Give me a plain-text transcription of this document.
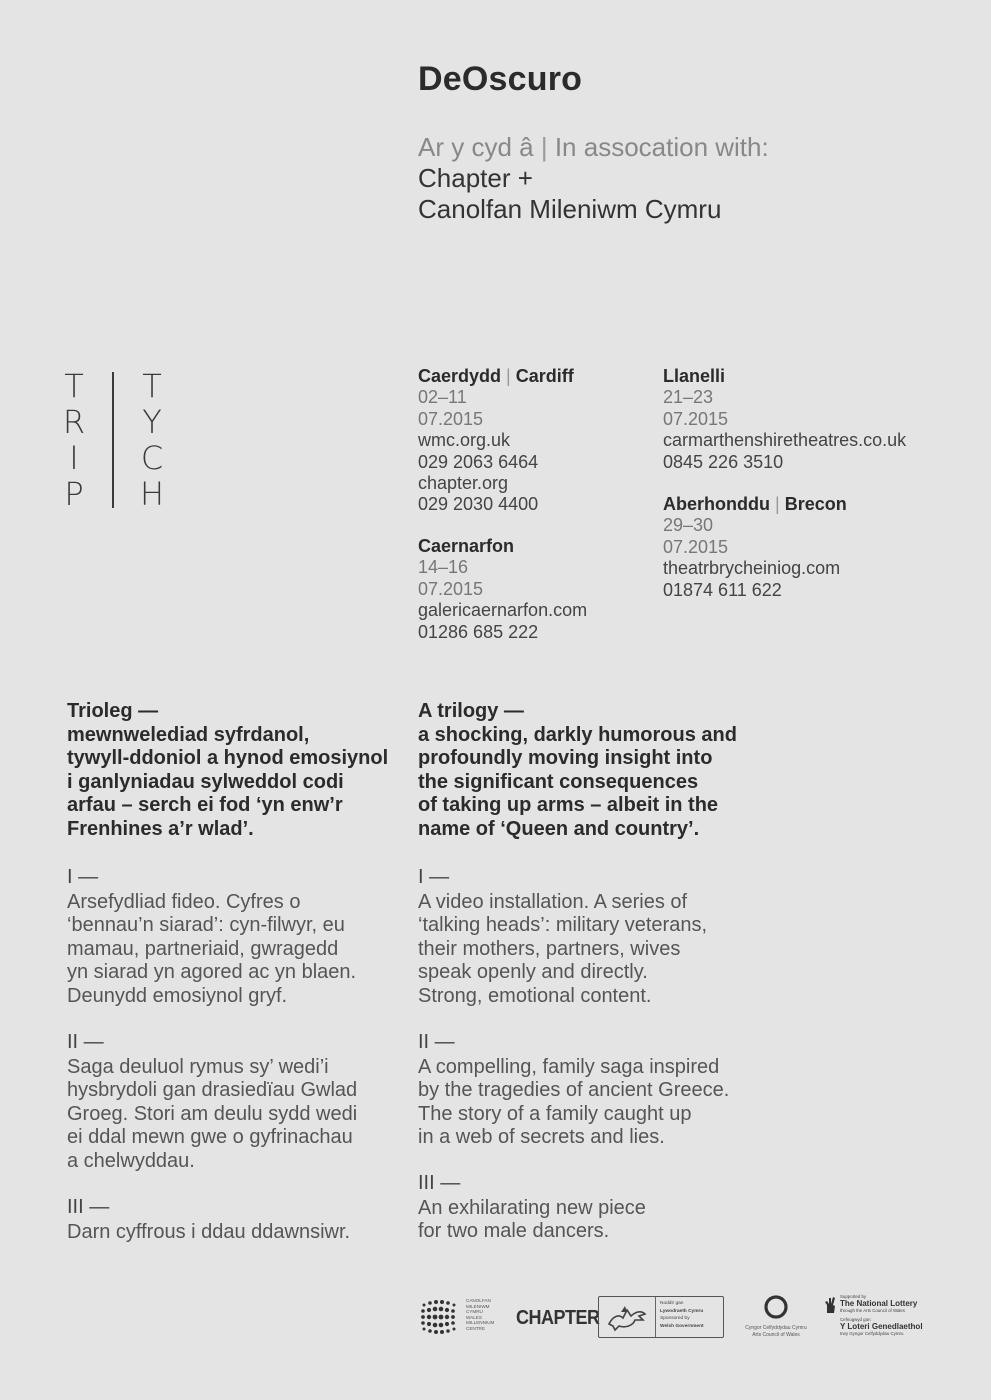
DeOscuro
Ar y cyd â | In assocation with:
Chapter +
Canolfan Mileniwm Cymru
T
R
I
P
T
Y
C
H
Caerdydd | Cardiff
02–11
07.2015
wmc.org.uk
029 2063 6464
chapter.org
029 2030 4400
Caernarfon
14–16
07.2015
galericaernarfon.com
01286 685 222
Llanelli
21–23
07.2015
carmarthenshiretheatres.co.uk
0845 226 3510
Aberhonddu | Brecon
29–30
07.2015
theatrbrycheiniog.com
01874 611 622
Trioleg —
mewnwelediad syfrdanol,
tywyll-ddoniol a hynod emosiynol
i ganlyniadau sylweddol codi
arfau – serch ei fod ‘yn enw’r
Frenhines a’r wlad’.
A trilogy —
a shocking, darkly humorous and
profoundly moving insight into
the significant consequences
of taking up arms – albeit in the
name of ‘Queen and country’.
I —
Arsefydliad fideo. Cyfres o
‘bennau’n siarad’: cyn-filwyr, eu
mamau, partneriaid, gwragedd
yn siarad yn agored ac yn blaen.
Deunydd emosiynol gryf.
II —
Saga deuluol rymus sy’ wedi’i
hysbrydoli gan drasiedïau Gwlad
Groeg. Stori am deulu sydd wedi
ei ddal mewn gwe o gyfrinachau
a chelwyddau.
III —
Darn cyffrous i ddau ddawnsiwr.
I —
A video installation. A series of
‘talking heads’: military veterans,
their mothers, partners, wives
speak openly and directly.
Strong, emotional content.
II —
A compelling, family saga inspired
by the tragedies of ancient Greece.
The story of a family caught up
in a web of secrets and lies.
III —
An exhilarating new piece
for two male dancers.
CANOLFAN
MILENIWM
CYMRU
WALES
MILLENNIUM
CENTRE
CHAPTER
Noddir gan
Lywodraeth Cymru
Sponsored by
Welsh Government	Cyngor Celfyddydau Cymru
Arts Council of Wales
Supported by
The National Lottery
through the Arts Council of Wales
Cefnogwyd gan
Y Loteri Genedlaethol
trwy Gyngor Celfyddydau Cymru
